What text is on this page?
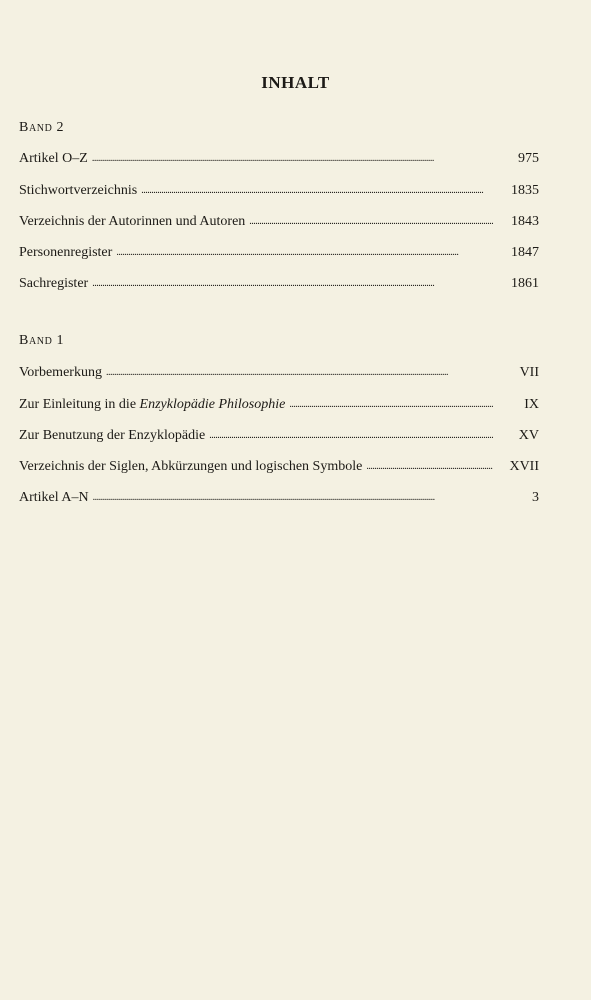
INHALT
Band 2
Artikel O–Z . . .	975
Stichwortverzeichnis . . .	1835
Verzeichnis der Autorinnen und Autoren . . .	1843
Personenregister . . .	1847
Sachregister . . .	1861
Band 1
Vorbemerkung . . .	VII
Zur Einleitung in die Enzyklopädie Philosophie . . .	IX
Zur Benutzung der Enzyklopädie . . .	XV
Verzeichnis der Siglen, Abkürzungen und logischen Symbole . . .	XVII
Artikel A–N . . .	3
